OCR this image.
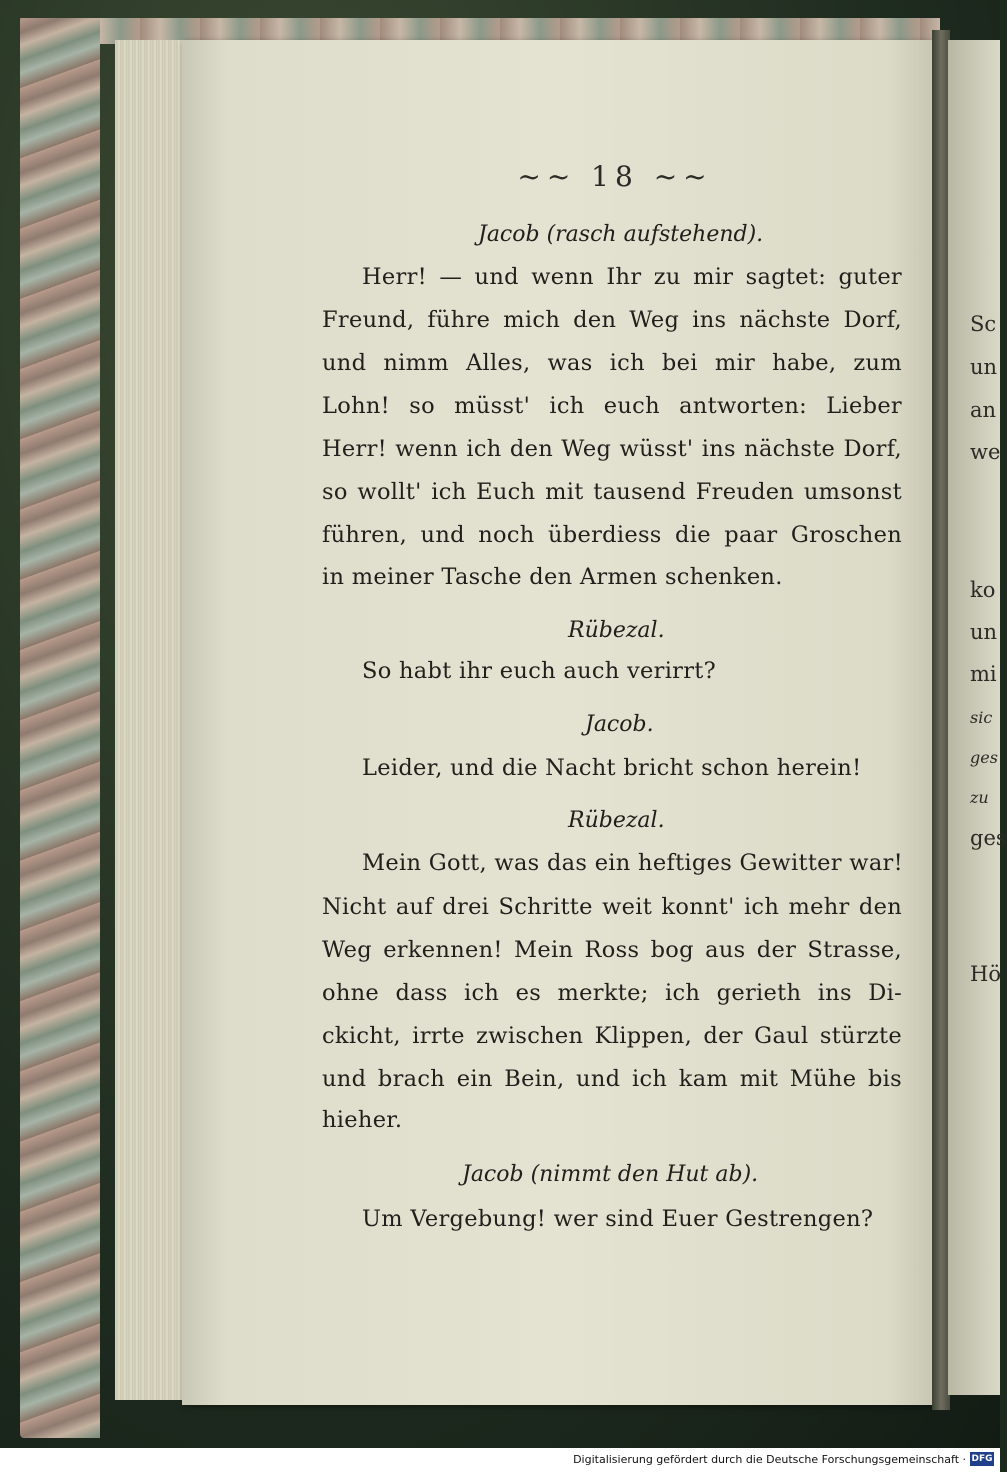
~~ 18 ~~
Jacob (rasch aufstehend).
Herr! — und wenn Ihr zu mir sagtet: guter
Freund, führe mich den Weg ins nächste Dorf,
und nimm Alles, was ich bei mir habe, zum
Lohn! so müsst' ich euch antworten: Lieber
Herr! wenn ich den Weg wüsst' ins nächste Dorf,
so wollt' ich Euch mit tausend Freuden umsonst
führen, und noch überdiess die paar Groschen
in meiner Tasche den Armen schenken.
Rübezal.
So habt ihr euch auch verirrt?
Jacob.
Leider, und die Nacht bricht schon herein!
Rübezal.
Mein Gott, was das ein heftiges Gewitter war!
Nicht auf drei Schritte weit konnt' ich mehr den
Weg erkennen! Mein Ross bog aus der Strasse,
ohne dass ich es merkte; ich gerieth ins Di-
ckicht, irrte zwischen Klippen, der Gaul stürzte
und brach ein Bein, und ich kam mit Mühe bis
hieher.
Jacob (nimmt den Hut ab).
Um Vergebung! wer sind Euer Gestrengen?
Sc
un
an
we
ko
un
mi
sic
ges
zu
ges
Hö
Digitalisierung gefördert durch die Deutsche Forschungsgemeinschaft · DFG
